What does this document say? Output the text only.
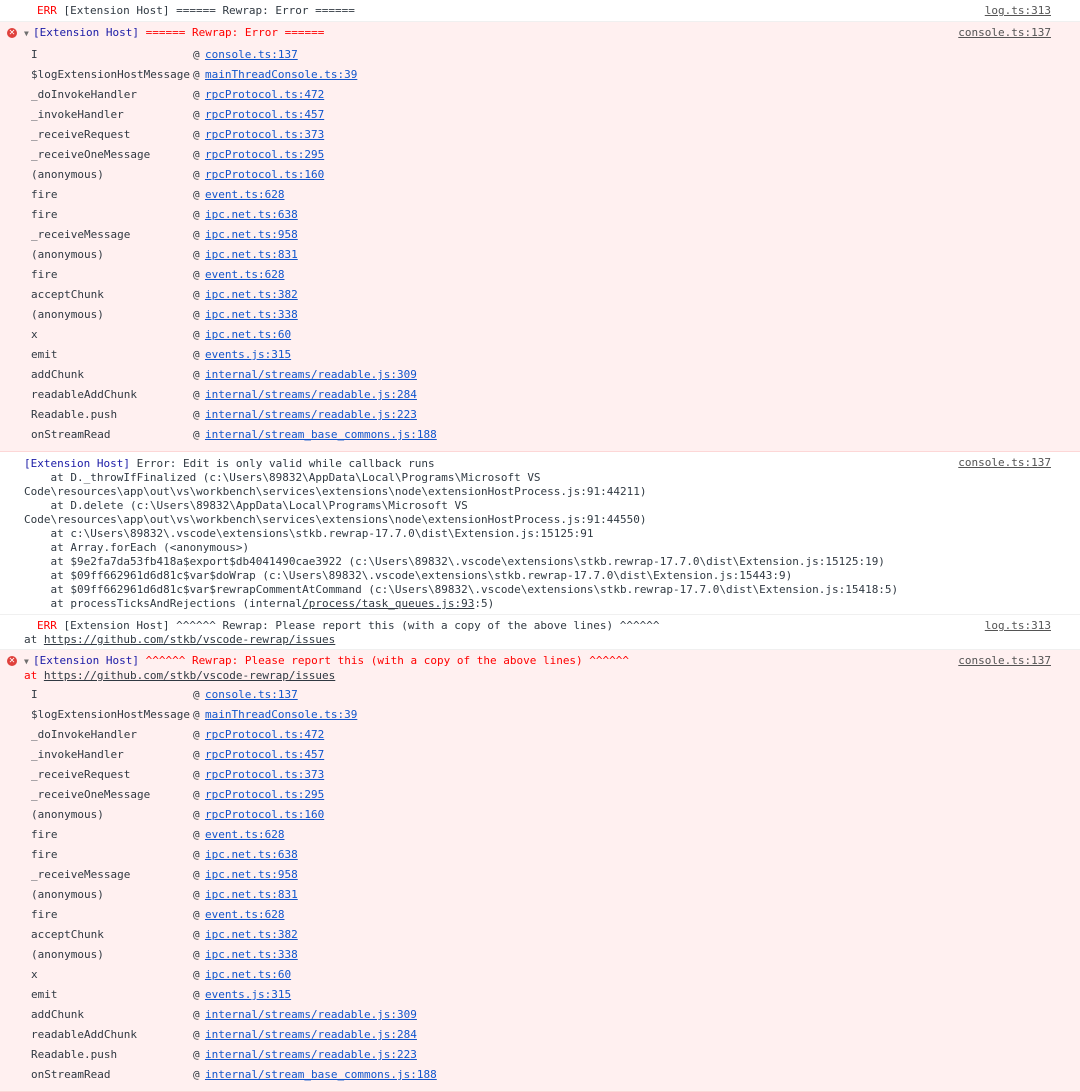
ERR [Extension Host] ====== Rewrap: Error ======	log.ts:313
✕	▼ [Extension Host] ====== Rewrap: Error ======	console.ts:137
I	@ console.ts:137
$logExtensionHostMessage @ mainThreadConsole.ts:39
_doInvokeHandler	@ rpcProtocol.ts:472
_invokeHandler	@ rpcProtocol.ts:457
_receiveRequest	@ rpcProtocol.ts:373
_receiveOneMessage	@ rpcProtocol.ts:295
(anonymous)	@ rpcProtocol.ts:160
fire	@ event.ts:628
fire	@ ipc.net.ts:638
_receiveMessage	@ ipc.net.ts:958
(anonymous)	@ ipc.net.ts:831
fire	@ event.ts:628
acceptChunk	@ ipc.net.ts:382
(anonymous)	@ ipc.net.ts:338
x	@ ipc.net.ts:60
emit	@ events.js:315
addChunk	@ internal/streams/readable.js:309
readableAddChunk	@ internal/streams/readable.js:284
Readable.push	@ internal/streams/readable.js:223
onStreamRead	@ internal/stream_base_commons.js:188
[Extension Host] Error: Edit is only valid while callback runs
at D._throwIfFinalized (c:\Users\89832\AppData\Local\Programs\Microsoft VS
Code\resources\app\out\vs\workbench\services\extensions\node\extensionHostProcess.js:91:44211)
at D.delete (c:\Users\89832\AppData\Local\Programs\Microsoft VS
Code\resources\app\out\vs\workbench\services\extensions\node\extensionHostProcess.js:91:44550)
at c:\Users\89832\.vscode\extensions\stkb.rewrap-17.7.0\dist\Extension.js:15125:91
at Array.forEach (<anonymous>)
at $9e2fa7da53fb418a$export$db4041490cae3922 (c:\Users\89832\.vscode\extensions\stkb.rewrap-17.7.0\dist\Extension.js:15125:19)
at $09ff662961d6d81c$var$doWrap (c:\Users\89832\.vscode\extensions\stkb.rewrap-17.7.0\dist\Extension.js:15443:9)
at $09ff662961d6d81c$var$rewrapCommentAtCommand (c:\Users\89832\.vscode\extensions\stkb.rewrap-17.7.0\dist\Extension.js:15418:5)
at processTicksAndRejections (internal/process/task_queues.js:93:5)
console.ts:137
ERR [Extension Host] ^^^^^^ Rewrap: Please report this (with a copy of the above lines) ^^^^^^
at https://github.com/stkb/vscode-rewrap/issues
log.ts:313
✕	▼ [Extension Host] ^^^^^^ Rewrap: Please report this (with a copy of the above lines) ^^^^^^
at https://github.com/stkb/vscode-rewrap/issues
console.ts:137
I	@ console.ts:137
$logExtensionHostMessage @ mainThreadConsole.ts:39
_doInvokeHandler	@ rpcProtocol.ts:472
_invokeHandler	@ rpcProtocol.ts:457
_receiveRequest	@ rpcProtocol.ts:373
_receiveOneMessage	@ rpcProtocol.ts:295
(anonymous)	@ rpcProtocol.ts:160
fire	@ event.ts:628
fire	@ ipc.net.ts:638
_receiveMessage	@ ipc.net.ts:958
(anonymous)	@ ipc.net.ts:831
fire	@ event.ts:628
acceptChunk	@ ipc.net.ts:382
(anonymous)	@ ipc.net.ts:338
x	@ ipc.net.ts:60
emit	@ events.js:315
addChunk	@ internal/streams/readable.js:309
readableAddChunk	@ internal/streams/readable.js:284
Readable.push	@ internal/streams/readable.js:223
onStreamRead	@ internal/stream_base_commons.js:188
